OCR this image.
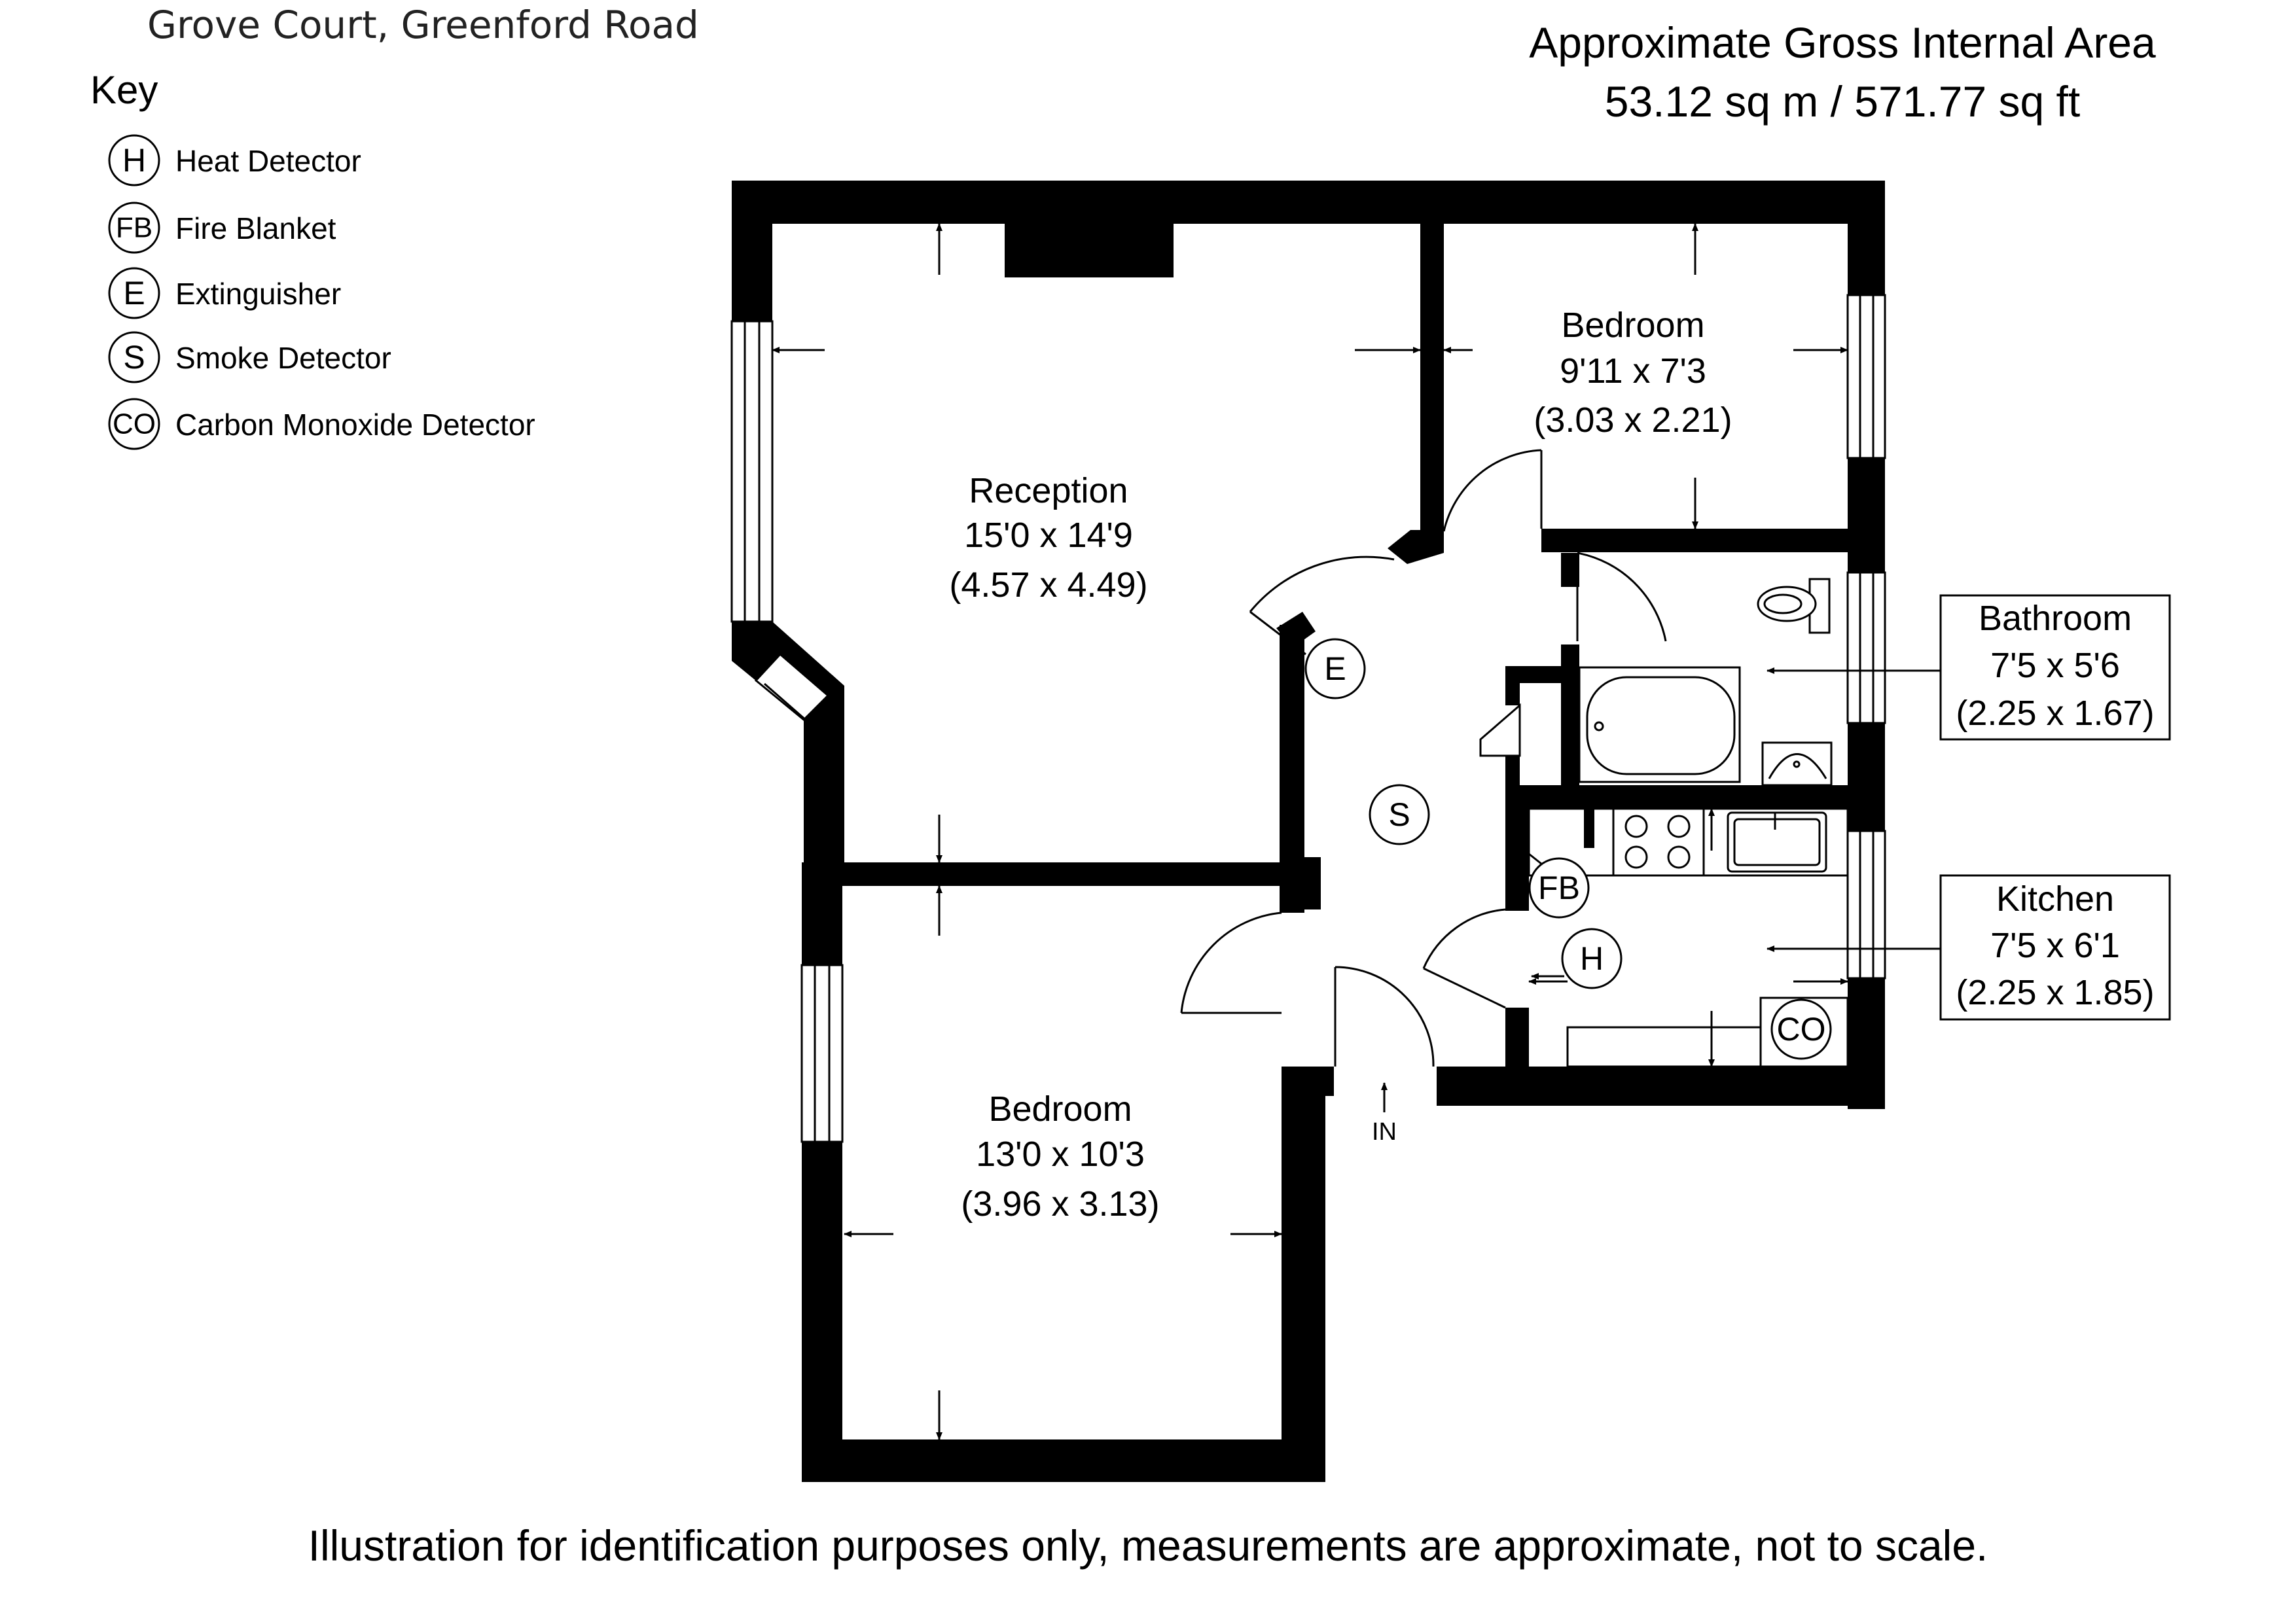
Grove Court, Greenford Road	Approximate Gross Internal Area
53.12 sq m / 571.77 sq ft
Key
H Heat Detector
FB Fire Blanket
E Extinguisher
S Smoke Detector
CO Carbon Monoxide Detector
Reception
15'0 x 14'9
(4.57 x 4.49)
Bedroom
9'11 x 7'3
(3.03 x 2.21)
Bedroom
13'0 x 10'3
(3.96 x 3.13)
Bathroom
7'5 x 5'6
(2.25 x 1.67)
Kitchen
7'5 x 6'1
(2.25 x 1.85)
E
S
FB
H
CO
IN
Illustration for identification purposes only, measurements are approximate, not to scale.
